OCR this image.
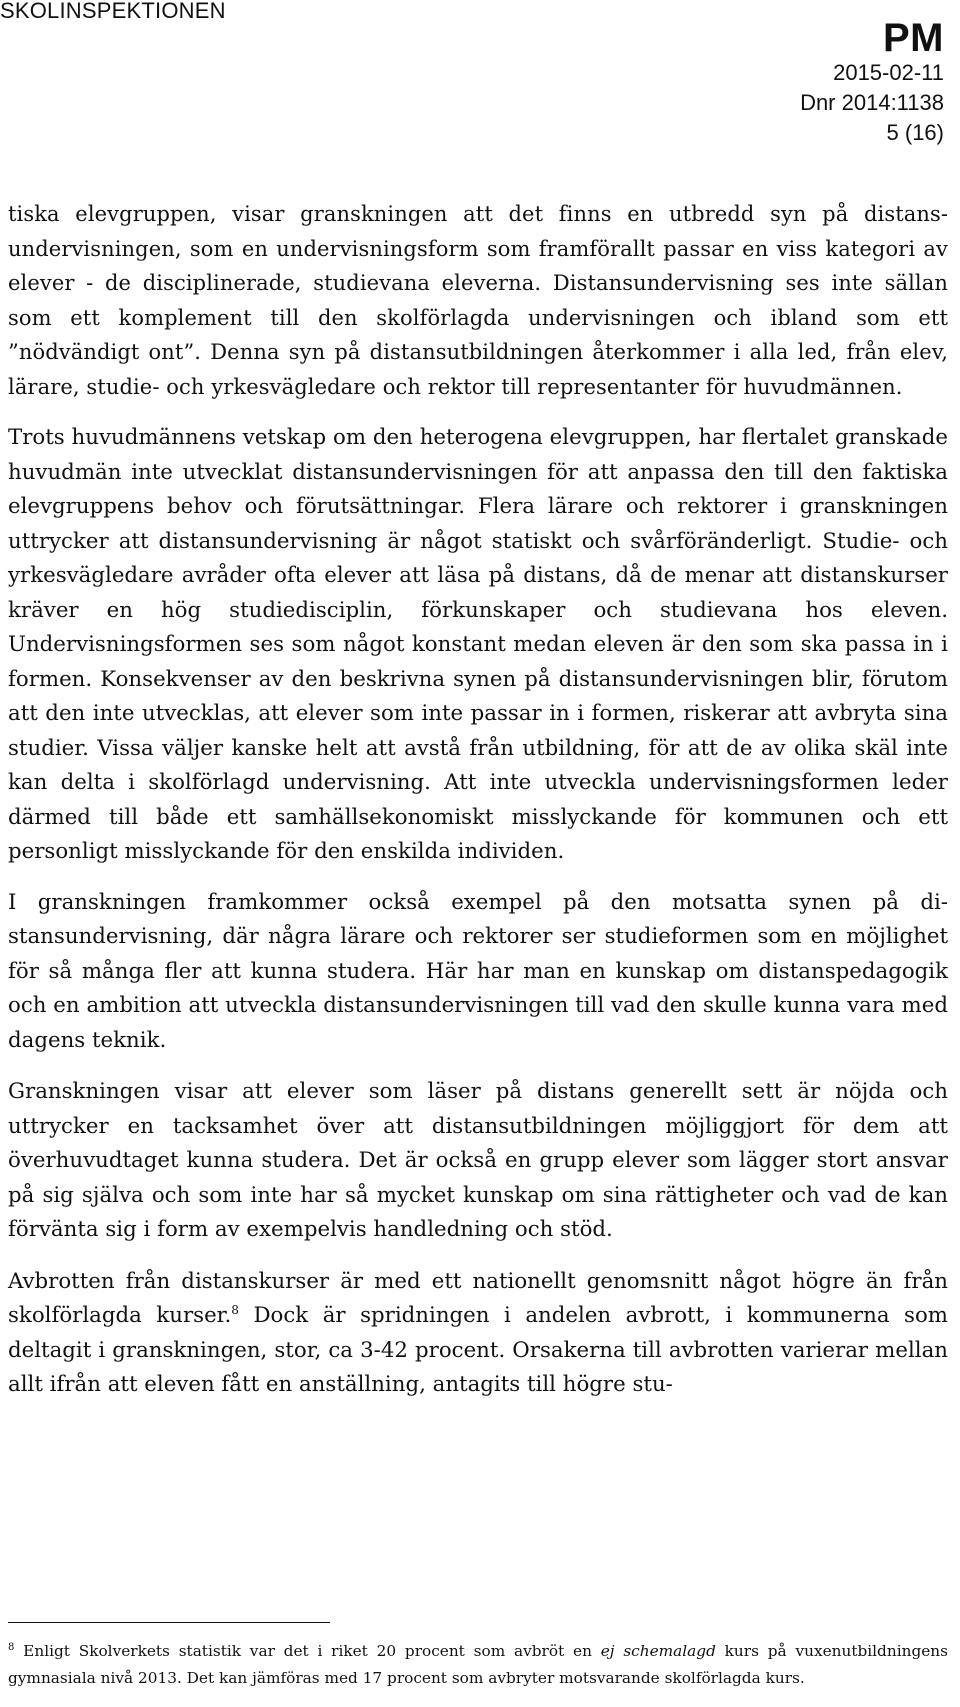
SKOLINSPEKTIONEN
PM
2015-02-11
Dnr 2014:1138
5 (16)

tiska elevgruppen, visar granskningen att det finns en utbredd syn på distansundervisningen, som en undervisningsform som framförallt passar en viss kategori av elever - de disciplinerade, studievana eleverna. Distansundervisning ses inte sällan som ett komplement till den skolförlagda undervisningen och ibland som ett ”nödvändigt ont”. Denna syn på distansutbildningen återkommer i alla led, från elev, lärare, studie- och yrkesvägledare och rektor till representanter för huvudmännen.

Trots huvudmännens vetskap om den heterogena elevgruppen, har flertalet granskade huvudmän inte utvecklat distansundervisningen för att anpassa den till den faktiska elevgruppens behov och förutsättningar. Flera lärare och rektorer i granskningen uttrycker att distansundervisning är något statiskt och svårföränderligt. Studie- och yrkesvägledare avråder ofta elever att läsa på distans, då de menar att distanskurser kräver en hög studiedisciplin, förkunskaper och studievana hos eleven. Undervisningsformen ses som något konstant medan eleven är den som ska passa in i formen. Konsekvenser av den beskrivna synen på distansundervisningen blir, förutom att den inte utvecklas, att elever som inte passar in i formen, riskerar att avbryta sina studier. Vissa väljer kanske helt att avstå från utbildning, för att de av olika skäl inte kan delta i skolförlagd undervisning. Att inte utveckla undervisningsformen leder därmed till både ett samhällsekonomiskt misslyckande för kommunen och ett personligt misslyckande för den enskilda individen.

I granskningen framkommer också exempel på den motsatta synen på distansundervisning, där några lärare och rektorer ser studieformen som en möjlighet för så många fler att kunna studera. Här har man en kunskap om distanspedagogik och en ambition att utveckla distansundervisningen till vad den skulle kunna vara med dagens teknik.

Granskningen visar att elever som läser på distans generellt sett är nöjda och uttrycker en tacksamhet över att distansutbildningen möjliggjort för dem att överhuvudtaget kunna studera. Det är också en grupp elever som lägger stort ansvar på sig själva och som inte har så mycket kunskap om sina rättigheter och vad de kan förvänta sig i form av exempelvis handledning och stöd.

Avbrotten från distanskurser är med ett nationellt genomsnitt något högre än från skolförlagda kurser.$^8$ Dock är spridningen i andelen avbrott, i kommunerna som deltagit i granskningen, stor, ca 3-42 procent. Orsakerna till avbrotten varierar mellan allt ifrån att eleven fått en anställning, antagits till högre stu-

$^8$ Enligt Skolverkets statistik var det i riket 20 procent som avbröt en ej schemalagd kurs på vuxenutbildningens gymnasiala nivå 2013. Det kan jämföras med 17 procent som avbryter motsvarande skolförlagda kurs.
